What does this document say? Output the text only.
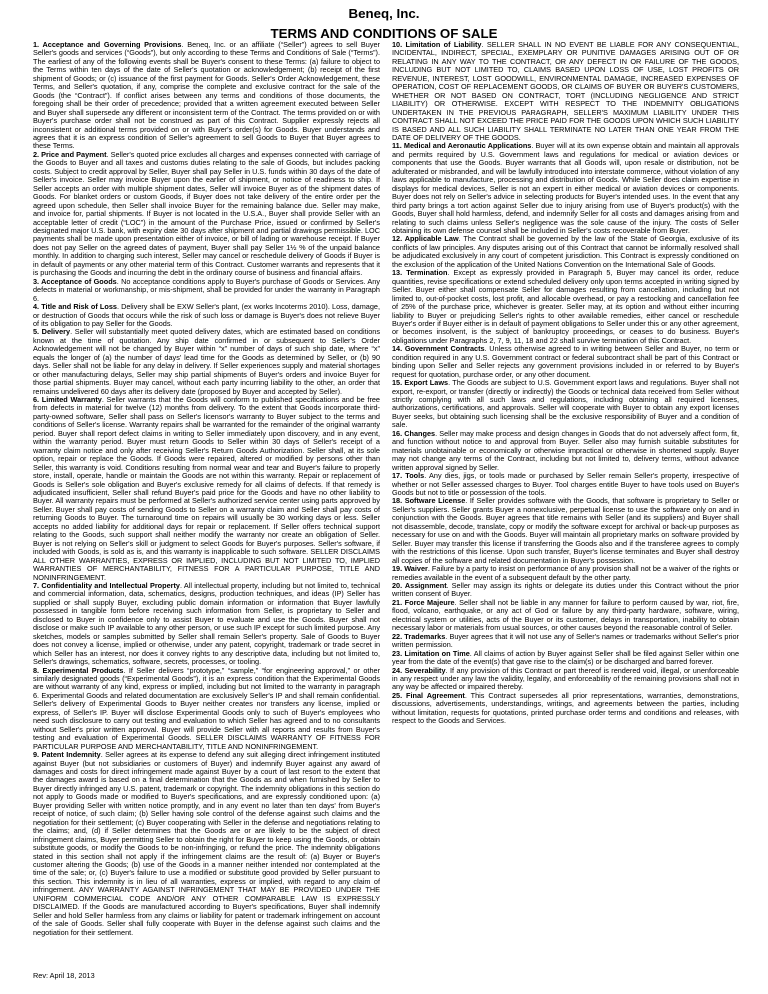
Beneq, Inc.
TERMS AND CONDITIONS OF SALE

1. Acceptance and Governing Provisions. Beneq, Inc. or an affiliate (“Seller”) agrees to sell Buyer Seller's goods and services (“Goods”), but only according to these Terms and Conditions of Sale (“Terms”). The earliest of any of the following events shall be Buyer's consent to these Terms: (a) failure to object to the Terms within ten days of the date of Seller's quotation or acknowledgement; (b) receipt of the first shipment of Goods; or (c) issuance of the first payment for Goods. Seller's Order Acknowledgement, these Terms, and Seller's quotation, if any, comprise the complete and exclusive contract for the sale of the Goods (the “Contract”). If conflict arises between any terms and conditions of those documents, the foregoing shall be their order of precedence; provided that a written agreement executed between Seller and Buyer shall supersede any different or inconsistent term of the Contract. The terms provided on or with Buyer's purchase order shall not be construed as part of this Contract. Supplier expressly rejects all inconsistent or additional terms provided on or with Buyer's order(s) for Goods. Buyer understands and agrees that it is an express condition of Seller's agreement to sell Goods to Buyer that Buyer agrees to these Terms.

2. Price and Payment. Seller's quoted price excludes all charges and expenses connected with carriage of the Goods to Buyer and all taxes and customs duties relating to the sale of Goods, but includes packing costs. Subject to credit approval by Seller, Buyer shall pay Seller in U.S. funds within 30 days of the date of Seller's invoice. Seller may invoice Buyer upon the earlier of shipment, or notice of readiness to ship. If Seller accepts an order with multiple shipment dates, Seller will invoice Buyer as of the shipment dates of Goods. For blanket orders or custom Goods, if Buyer does not take delivery of the entire order per the agreed upon schedule, then Seller shall invoice Buyer for the remaining balance due. Seller may make, and invoice for, partial shipments. If Buyer is not located in the U.S.A., Buyer shall provide Seller with an acceptable letter of credit (“LOC”) in the amount of the Purchase Price, issued or confirmed by Seller's designated major U.S. bank, with expiry date 30 days after shipment and partial drawings permissible. LOC payments shall be made upon presentation either of invoice, or bill of lading or warehouse receipt. If Buyer does not pay Seller on the agreed dates of payment, Buyer shall pay Seller 1½ % of the unpaid balance monthly. In addition to charging such interest, Seller may cancel or reschedule delivery of Goods if Buyer is in default of payments or any other material term of this Contract. Customer warrants and represents that it is purchasing the Goods and incurring the debt in the ordinary course of business and financial affairs.

3. Acceptance of Goods. No acceptance conditions apply to Buyer's purchase of Goods or Services. Any defects in material or workmanship, or mis-shipment, shall be provided for under the warranty in Paragraph 6.

4. Title and Risk of Loss. Delivery shall be EXW Seller's plant, (ex works Incoterms 2010). Loss, damage, or destruction of Goods that occurs while the risk of such loss or damage is Buyer's does not relieve Buyer of its obligation to pay Seller for the Goods.

5. Delivery. Seller will substantially meet quoted delivery dates, which are estimated based on conditions known at the time of quotation. Any ship date confirmed in or subsequent to Seller's Order Acknowledgement will not be changed by Buyer within “x” number of days of such ship date, where “x” equals the longer of (a) the number of days' lead time for the Goods as determined by Seller, or (b) 90 days. Seller shall not be liable for any delay in delivery. If Seller experiences supply and material shortages or other manufacturing delays, Seller may ship partial shipments of Buyer's orders and invoice Buyer for those partial shipments. Buyer may cancel, without each party incurring liability to the other, an order that remains undelivered 60 days after its delivery date (proposed by Buyer and accepted by Seller).

6. Limited Warranty. Seller warrants that the Goods will conform to published specifications and be free from defects in material for twelve (12) months from delivery. To the extent that Goods incorporate third-party-owned software, Seller shall pass on Seller's licensor's warranty to Buyer subject to the terms and conditions of Seller's license. Warranty repairs shall be warranted for the remainder of the original warranty period. Buyer shall report defect claims in writing to Seller immediately upon discovery, and in any event, within the warranty period. Buyer must return Goods to Seller within 30 days of Seller's receipt of a warranty claim notice and only after receiving Seller's Return Goods Authorization. Seller shall, at its sole option, repair or replace the Goods. If Goods were repaired, altered or modified by persons other than Seller, this warranty is void. Conditions resulting from normal wear and tear and Buyer's failure to properly store, install, operate, handle or maintain the Goods are not within this warranty. Repair or replacement of Goods is Seller's sole obligation and Buyer's exclusive remedy for all claims of defects. If that remedy is adjudicated insufficient, Seller shall refund Buyer's paid price for the Goods and have no other liability to Buyer. All warranty repairs must be performed at Seller's authorized service center using parts approved by Seller. Buyer shall pay costs of sending Goods to Seller on a warranty claim and Seller shall pay costs of returning Goods to Buyer. The turnaround time on repairs will usually be 30 working days or less. Seller accepts no added liability for additional days for repair or replacement. If Seller offers technical support relating to the Goods, such support shall neither modify the warranty nor create an obligation of Seller. Buyer is not relying on Seller's skill or judgment to select Goods for Buyer's purposes. Seller's software, if included with Goods, is sold as is, and this warranty is inapplicable to such software. SELLER DISCLAIMS ALL OTHER WARRANTIES, EXPRESS OR IMPLIED, INCLUDING BUT NOT LIMITED TO, IMPLIED WARRANTIES OF MERCHANTABILITY, FITNESS FOR A PARTICULAR PURPOSE, TITLE AND NONINFRINGEMENT.

7. Confidentiality and Intellectual Property. All intellectual property, including but not limited to, technical and commercial information, data, schematics, designs, production techniques, and ideas (IP) Seller has supplied or shall supply Buyer, excluding public domain information or information that Buyer lawfully possessed in tangible form before receiving such information from Seller, is proprietary to Seller and disclosed to Buyer in confidence only to assist Buyer to evaluate and use the Goods. Buyer shall not disclose or make such IP available to any other person, or use such IP except for such limited purpose. Any sketches, models or samples submitted by Seller shall remain Seller's property. Sale of Goods to Buyer does not convey a license, implied or otherwise, under any patent, copyright, trademark or trade secret in which Seller has an interest, nor does it convey rights to any descriptive data, including but not limited to, Seller's drawings, schematics, software, secrets, processes, or tooling.

8. Experimental Products. If Seller delivers “prototype,” “sample,” “for engineering approval,” or other similarly designated goods (“Experimental Goods”), it is an express condition that the Experimental Goods are without warranty of any kind, express or implied, including but not limited to the warranty in paragraph 6. Experimental Goods and related documentation are exclusively Seller's IP and shall remain confidential. Seller's delivery of Experimental Goods to Buyer neither creates nor transfers any license, implied or express, of Seller's IP. Buyer will disclose Experimental Goods only to such of Buyer's employees who need such disclosure to carry out testing and evaluation to which Seller has agreed and to no consultants without Seller's prior written approval. Buyer will provide Seller with all reports and results from Buyer's testing and evaluation of Experimental Goods. SELLER DISCLAIMS WARRANTY OF FITNESS FOR PARTICULAR PURPOSE AND MERCHANTABILITY, TITLE AND NONINFRINGEMENT.

9. Patent Indemnity. Seller agrees at its expense to defend any suit alleging direct infringement instituted against Buyer (but not subsidiaries or customers of Buyer) and indemnify Buyer against any award of damages and costs for direct infringement made against Buyer by a court of last resort to the extent that the damages award is based on a final determination that the Goods as and when furnished by Seller to Buyer directly infringed any U.S. patent, trademark or copyright. The indemnity obligations in this section do not apply to Goods made or modified to Buyer's specifications, and are expressly conditioned upon: (a) Buyer providing Seller with written notice promptly, and in any event no later than ten days' from Buyer's receipt of notice, of such claim; (b) Seller having sole control of the defense against such claims and the negotiation for their settlement; (c) Buyer cooperating with Seller in the defense and negotiations relating to the claims; and, (d) if Seller determines that the Goods are or are likely to be the subject of direct infringement claims, Buyer permitting Seller to obtain the right for Buyer to keep using the Goods, or obtain substitute goods, or modify the Goods to be non-infringing, or refund the price. The indemnity obligations stated in this section shall not apply if the infringement claims are the result of: (a) Buyer or Buyer's customer altering the Goods; (b) use of the Goods in a manner neither intended nor contemplated at the time of the sale; or, (c) Buyer's failure to use a modified or substitute good provided by Seller pursuant to this section. This indemnity is in lieu of all warranties, express or implied, with regard to any claim of infringement. ANY WARRANTY AGAINST INFRINGEMENT THAT MAY BE PROVIDED UNDER THE UNIFORM COMMERCIAL CODE AND/OR ANY OTHER COMPARABLE LAW IS EXPRESSLY DISCLAIMED. If the Goods are manufactured according to Buyer's specifications, Buyer shall indemnify Seller and hold Seller harmless from any claims or liability for patent or trademark infringement on account of the sale of Goods. Seller shall fully cooperate with Buyer in the defense against such claims and the negotiation for their settlement.

10. Limitation of Liability. SELLER SHALL IN NO EVENT BE LIABLE FOR ANY CONSEQUENTIAL, INCIDENTAL, INDIRECT, SPECIAL, EXEMPLARY OR PUNITIVE DAMAGES ARISING OUT OF OR RELATING IN ANY WAY TO THE CONTRACT, OR ANY DEFECT IN OR FAILURE OF THE GOODS, INCLUDING BUT NOT LIMITED TO, CLAIMS BASED UPON LOSS OF USE, LOST PROFITS OR REVENUE, INTEREST, LOST GOODWILL, ENVIRONMENTAL DAMAGE, INCREASED EXPENSES OF OPERATION, COST OF REPLACEMENT GOODS, OR CLAIMS OF BUYER OR BUYER'S CUSTOMERS, WHETHER OR NOT BASED ON CONTRACT, TORT (INCLUDING NEGLIGENCE AND STRICT LIABILITY) OR OTHERWISE. EXCEPT WITH RESPECT TO THE INDEMNITY OBLIGATIONS UNDERTAKEN IN THE PREVIOUS PARAGRAPH, SELLER'S MAXIMUM LIABILITY UNDER THIS CONTRACT SHALL NOT EXCEED THE PRICE PAID FOR THE GOODS UPON WHICH SUCH LIABILITY IS BASED AND ALL SUCH LIABILITY SHALL TERMINATE NO LATER THAN ONE YEAR FROM THE DATE OF DELIVERY OF THE GOODS.

11. Medical and Aeronautic Applications. Buyer will at its own expense obtain and maintain all approvals and permits required by U.S. Government laws and regulations for medical or aviation devices or components that use the Goods. Buyer warrants that all Goods will, upon resale or distribution, not be adulterated or misbranded, and will be lawfully introduced into interstate commerce, without violation of any laws applicable to manufacture, processing and distribution of Goods. While Seller does claim expertise in displays for medical devices, Seller is not an expert in either medical or aviation devices or components. Buyer does not rely on Seller's advice in selecting products for Buyer's intended uses. In the event that any third party brings a tort action against Seller due to injury arising from use of Buyer's product(s) with the Goods, Buyer shall hold harmless, defend, and indemnify Seller for all costs and damages arising from and relating to such claims unless Seller's negligence was the sole cause of the injury. The costs of Seller obtaining its own defense counsel shall be included in Seller's costs recoverable from Buyer.

12. Applicable Law. The Contract shall be governed by the law of the State of Georgia, exclusive of its conflicts of law principles. Any disputes arising out of this Contract that cannot be informally resolved shall be adjudicated exclusively in any court of competent jurisdiction. This Contract is expressly conditioned on the exclusion of the application of the United Nations Convention on the International Sale of Goods.

13. Termination. Except as expressly provided in Paragraph 5, Buyer may cancel its order, reduce quantities, revise specifications or extend scheduled delivery only upon terms accepted in writing signed by Seller. Buyer either shall compensate Seller for damages resulting from cancellation, including but not limited to, out-of-pocket costs, lost profit, and allocable overhead, or pay a restocking and cancellation fee of 25% of the purchase price, whichever is greater. Seller may, at its option and without either incurring liability to Buyer or prejudicing Seller's rights to other available remedies, either cancel or reschedule Buyer's order if Buyer either is in default of payment obligations to Seller under this or any other agreement, or becomes insolvent, is the subject of bankruptcy proceedings, or ceases to do business. Buyer's obligations under Paragraphs 2, 7, 9, 11, 18 and 22 shall survive termination of this Contract.

14. Government Contracts. Unless otherwise agreed to in writing between Seller and Buyer, no term or condition required in any U.S. Government contract or federal subcontract shall be part of this Contract or binding upon Seller and Seller rejects any government provisions included in or referred to by Buyer's request for quotation, purchase order, or any other document.

15. Export Laws. The Goods are subject to U.S. Government export laws and regulations. Buyer shall not export, re-export, or transfer (directly or indirectly) the Goods or technical data received from Seller without strictly complying with all such laws and regulations, including obtaining all required licenses, authorizations, certifications, and approvals. Seller will cooperate with Buyer to obtain any export licenses Buyer seeks, but obtaining such licensing shall be the exclusive responsibility of Buyer and a condition of sale.

16. Changes. Seller may make process and design changes in Goods that do not adversely affect form, fit, and function without notice to and approval from Buyer. Seller also may furnish suitable substitutes for materials unobtainable or economically or otherwise impractical or otherwise in shortened supply. Buyer may not change any terms of the Contract, including but not limited to, delivery terms, without advance written approval signed by Seller.

17. Tools. Any dies, jigs, or tools made or purchased by Seller remain Seller's property, irrespective of whether or not Seller assessed charges to Buyer. Tool charges entitle Buyer to have tools used on Buyer's Goods but not to title or possession of the tools.

18. Software License. If Seller provides software with the Goods, that software is proprietary to Seller or Seller's suppliers. Seller grants Buyer a nonexclusive, perpetual license to use the software only on and in conjunction with the Goods. Buyer agrees that title remains with Seller (and its suppliers) and Buyer shall not disassemble, decode, translate, copy or modify the software except for archival or back-up purposes as necessary for use on and with the Goods. Buyer will maintain all proprietary marks on software provided by Seller. Buyer may transfer this license if transferring the Goods also and if the transferee agrees to comply with the restrictions of this license. Upon such transfer, Buyer's license terminates and Buyer shall destroy all copies of the software and related documentation in Buyer's possession.

19. Waiver. Failure by a party to insist on performance of any provision shall not be a waiver of the rights or remedies available in the event of a subsequent default by the other party.

20. Assignment. Seller may assign its rights or delegate its duties under this Contract without the prior written consent of Buyer.

21. Force Majeure. Seller shall not be liable in any manner for failure to perform caused by war, riot, fire, flood, volcano, earthquake, or any act of God or failure by any third-party hardware, software, wiring, electrical system or utilities, acts of the Buyer or its customer, delays in transportation, inability to obtain necessary labor or materials from usual sources, or other causes beyond the reasonable control of Seller.

22. Trademarks. Buyer agrees that it will not use any of Seller's names or trademarks without Seller's prior written permission.

23. Limitation on Time. All claims of action by Buyer against Seller shall be filed against Seller within one year from the date of the event(s) that gave rise to the claim(s) or be discharged and barred forever.

24. Severability. If any provision of this Contract or part thereof is rendered void, illegal, or unenforceable in any respect under any law the validity, legality, and enforceability of the remaining provisions shall not in any way be affected or impaired thereby.

25. Final Agreement. This Contract supersedes all prior representations, warranties, demonstrations, discussions, advertisements, understandings, writings, and agreements between the parties, including without limitation, requests for quotations, printed purchase order terms and conditions and releases, with respect to the Goods and Services.

Rev: April 18, 2013
